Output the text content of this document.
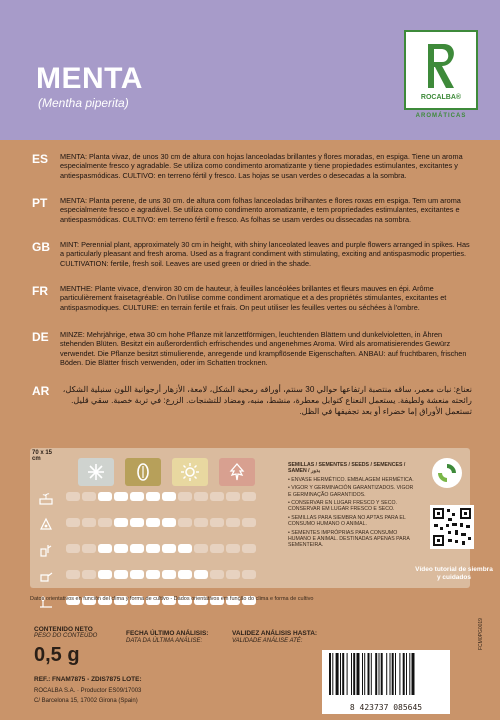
MENTA
(Mentha piperita)	ROCALBA®
AROMÁTICAS
ES MENTA: Planta vivaz, de unos 30 cm de altura con hojas lanceoladas brillantes y flores moradas, en espiga. Tiene un aroma especialmente fresco y agradable. Se utiliza como condimento aromatizante y tiene propiedades estimulantes, excitantes y antiespasmódicas. CULTIVO: en terreno fértil y fresco. Las hojas se usan verdes o desecadas a la sombra.
PT MENTA: Planta perene, de uns 30 cm. de altura com folhas lanceoladas brilhantes e flores roxas em espiga. Tem um aroma especialmente fresco e agradável. Se utiliza como condimento aromatizante, e tem propriedades estimulantes, excitantes e antiespasmódicas. CULTIVO: em terreno fértil e fresco. As folhas se usam verdes ou dissecadas na sombra.
GB MINT: Perennial plant, approximately 30 cm in height, with shiny lanceolated leaves and purple flowers arranged in spikes. Has a particularly pleasant and fresh aroma. Used as a fragrant condiment with stimulating, exciting and antispasmodic properties. CULTIVATION: fertile, fresh soil. Leaves are used green or dried in the shade.
FR MENTHE: Plante vivace, d'environ 30 cm de hauteur, à feuilles lancéolées brillantes et fleurs mauves en épi. Arôme particulièrement fraisetagréable. On l'utilise comme condiment aromatique et a des propriétés stimulantes, excitantes et antispasmodiques. CULTURE: en terrain fertile et frais. On peut utiliser les feuilles vertes ou séchées à l'ombre.
DE MINZE: Mehrjährige, etwa 30 cm hohe Pflanze mit lanzettförmigen, leuchtenden Blättern und dunkelvioletten, in Ähren stehenden Blüten. Besitzt ein außerordentlich erfrischendes und angenehmes Aroma. Wird als aromatisierendes Gewürz verwendet. Die Pflanze besitzt stimulierende, anregende und krampflösende Eigenschaften. ANBAU: auf fruchtbaren, frischen Böden. Die Blätter frisch verwenden, oder im Schatten trocknen.
AR	نعناع: نبات معمر، ساقه منتصبة ارتفاعها حوالي 30 سنتم، أوراقه رمحية الشكل، لامعة، الأزهار أرجوانية اللون سنبلية الشكل، رائحته منعشة ولطيفة. يستعمل النعناع كتوابل معطرة، منشط، منبه، ومضاد للتشنجات. الزرع: في تربة خصبة. سقي قليل. تستعمل الأوراق إما خضراء أو بعد تجفيفها في الظل.
70 x 15
cm
SEMILLAS / SEMENTES / SEEDS / SEMENCES / SAMEN / بذور
• ENVASE HERMÉTICO. EMBALAGEM HERMÉTICA.
• VIGOR Y GERMINACIÓN GARANTIZADOS. VIGOR E GERMINAÇÃO GARANTIDOS.
• CONSERVAR EN LUGAR FRESCO Y SECO. CONSERVAR EM LUGAR FRESCO E SECO.
• SEMILLAS PARA SIEMBRA NO APTAS PARA EL CONSUMO HUMANO O ANIMAL.
• SEMENTES IMPRÓPRIAS PARA CONSUMO HUMANO E ANIMAL. DESTINADAS APENAS PARA SEMENTEIRA.
Vídeo tutorial de siembra y cuidados
Datos orientativos en función del clima y forma de cultivo - Dados orientativos em função do clima e forma de cultivo
CONTENIDO NETO
PESO DO CONTEÚDO
0,5 g
REF.: FNAM7875 - ZDIS7875 LOTE:
ROCALBA S.A. · Productor ES09/17003
C/ Barcelona 15, 17002 Girona (Spain)
FECHA ÚLTIMO ANÁLISIS:
DATA DA ÚLTIMA ANÁLISE:
VALIDEZ ANÁLISIS HASTA:
VALIDADE ANÁLISE ATÉ:
8 423737 085645
FCM0PG0019
